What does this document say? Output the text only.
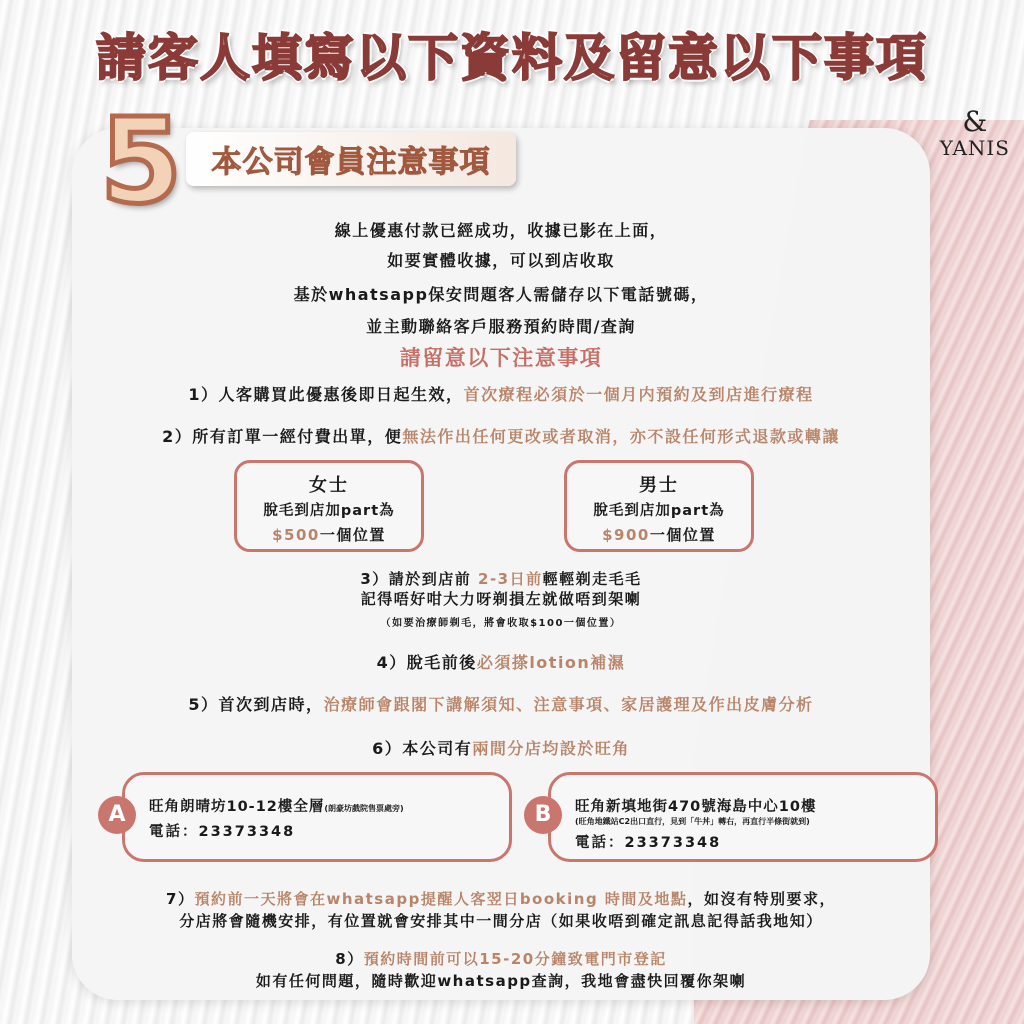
請客人填寫以下資料及留意以下事項
&
YANIS
5 本公司會員注意事項
線上優惠付款已經成功，收據已影在上面，
如要實體收據，可以到店收取
基於whatsapp保安問題客人需儲存以下電話號碼，
並主動聯絡客戶服務預約時間/查詢
請留意以下注意事項
1）人客購買此優惠後即日起生效，首次療程必須於一個月内預約及到店進行療程
2）所有訂單一經付費出單，便無法作出任何更改或者取消，亦不設任何形式退款或轉讓
女士
脫毛到店加part為
$500一個位置
男士
脫毛到店加part為
$900一個位置
3）請於到店前 2-3日前輕輕剃走毛毛
記得唔好咁大力呀剃損左就做唔到架喇
（如要治療師剃毛，將會收取$100一個位置）
4）脫毛前後必須搽lotion補濕
5）首次到店時，治療師會跟閣下講解須知、注意事項、家居護理及作出皮膚分析
6）本公司有兩間分店均設於旺角
旺角朗晴坊10-12樓全層(朗豪坊戲院售票處旁)
電話：23373348
A	旺角新填地街470號海島中心10樓
(旺角地鐵站C2出口直行，見到「牛丼」轉右，再直行半條街就到)
電話：23373348
B
7）預約前一天將會在whatsapp提醒人客翌日booking 時間及地點，如沒有特別要求，
分店將會隨機安排，有位置就會安排其中一間分店（如果收唔到確定訊息記得話我地知）
8）預約時間前可以15-20分鐘致電門市登記
如有任何問題，隨時歡迎whatsapp查詢，我地會盡快回覆你架喇
